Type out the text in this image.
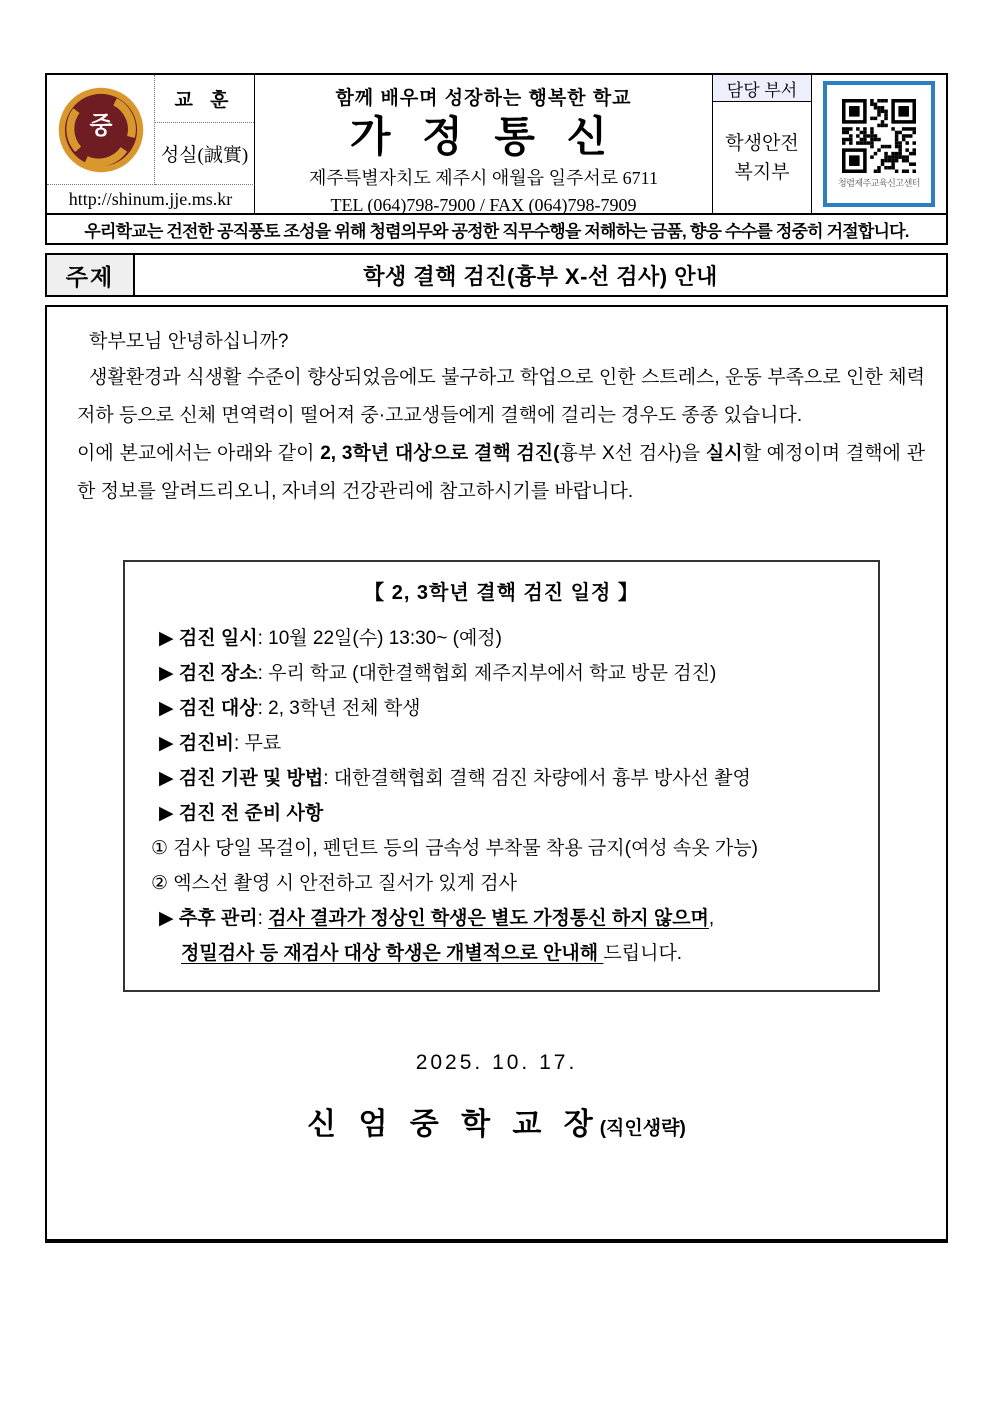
중
교 훈
성실(誠實)
http://shinum.jje.ms.kr
함께 배우며 성장하는 행복한 학교
가 정 통 신
제주특별자치도 제주시 애월읍 일주서로 6711
TEL (064)798-7900 / FAX (064)798-7909
담당 부서
학생안전
복지부
청렴제주교육신고센터
우리학교는 건전한 공직풍토 조성을 위해 청렴의무와 공정한 직무수행을 저해하는 금품, 향응 수수를 정중히 거절합니다.
주제	학생 결핵 검진(흉부 X-선 검사) 안내
학부모님 안녕하십니까?
생활환경과 식생활 수준이 향상되었음에도 불구하고 학업으로 인한 스트레스, 운동 부족으로 인한 체력 저하 등으로 신체 면역력이 떨어져 중·고교생들에게 결핵에 걸리는 경우도 종종 있습니다.
이에 본교에서는 아래와 같이 2, 3학년 대상으로 결핵 검진(흉부 X선 검사)을 실시할 예정이며 결핵에 관한 정보를 알려드리오니, 자녀의 건강관리에 참고하시기를 바랍니다.
【 2, 3학년 결핵 검진 일정 】
▶ 검진 일시: 10월 22일(수) 13:30~ (예정)
▶ 검진 장소: 우리 학교 (대한결핵협회 제주지부에서 학교 방문 검진)
▶ 검진 대상: 2, 3학년 전체 학생
▶ 검진비: 무료
▶ 검진 기관 및 방법: 대한결핵협회 결핵 검진 차량에서 흉부 방사선 촬영
▶ 검진 전 준비 사항
① 검사 당일 목걸이, 펜던트 등의 금속성 부착물 착용 금지(여성 속옷 가능)
② 엑스선 촬영 시 안전하고 질서가 있게 검사
▶ 추후 관리: 검사 결과가 정상인 학생은 별도 가정통신 하지 않으며,
정밀검사 등 재검사 대상 학생은 개별적으로 안내해 드립니다.
2025. 10. 17.
신 엄 중 학 교 장(직인생략)
